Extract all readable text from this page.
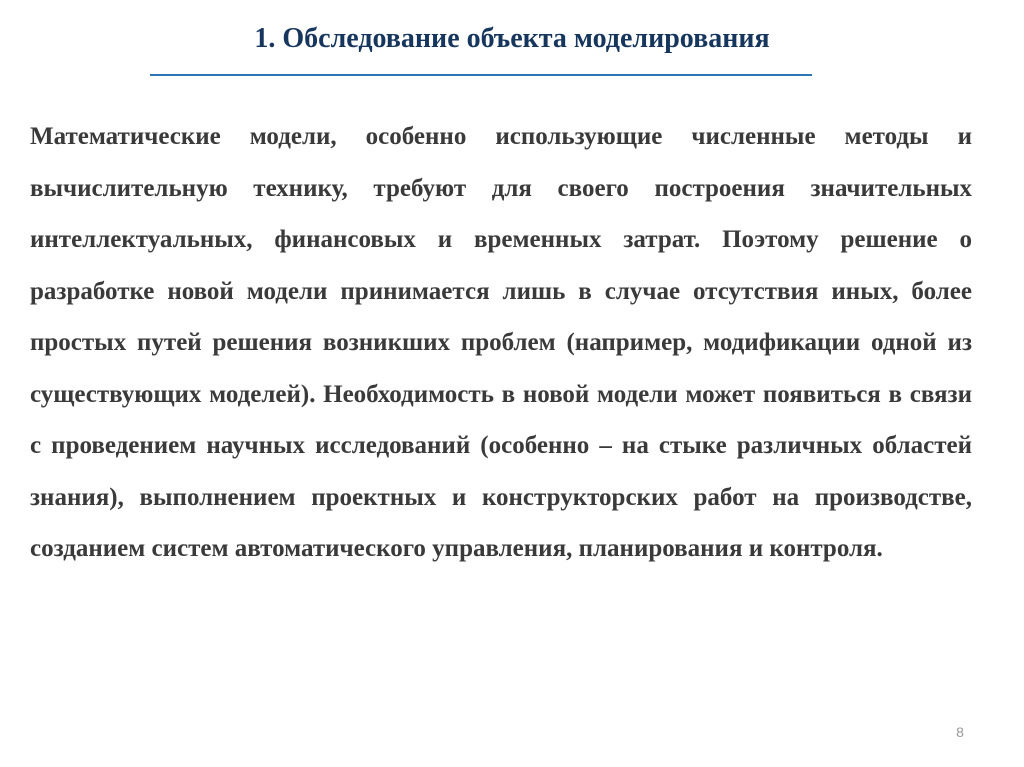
1. Обследование объекта моделирования

Математические модели, особенно использующие численные методы и вычислительную технику, требуют для своего построения значительных интеллектуальных, финансовых и временных затрат. Поэтому решение о разработке новой модели принимается лишь в случае отсутствия иных, более простых путей решения возникших проблем (например, модификации одной из существующих моделей). Необходимость в новой модели может появиться в связи с проведением научных исследований (особенно – на стыке различных областей знания), выполнением проектных и конструкторских работ на производстве, созданием систем автоматического управления, планирования и контроля.

8
